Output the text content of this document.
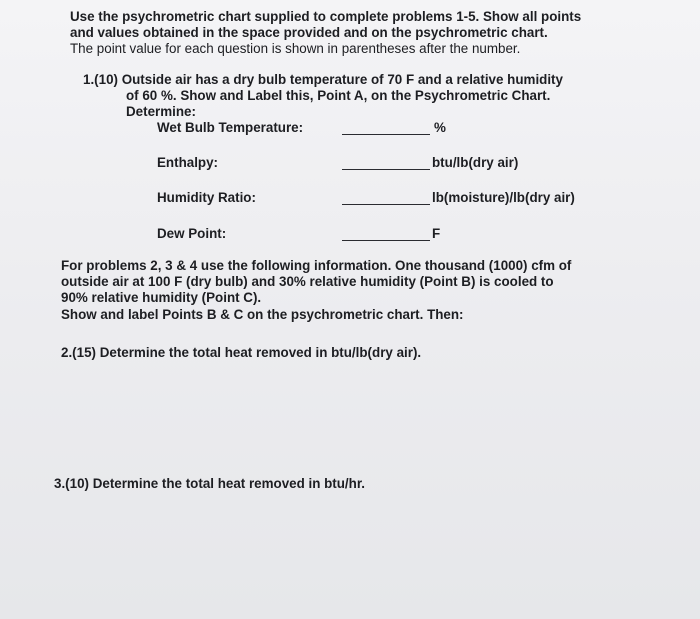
Use the psychrometric chart supplied to complete problems 1-5. Show all points
and values obtained in the space provided and on the psychrometric chart.
The point value for each question is shown in parentheses after the number.
1.(10) Outside air has a dry bulb temperature of 70 F and a relative humidity
of 60 %. Show and Label this, Point A, on the Psychrometric Chart.
Determine:
Wet Bulb Temperature:	%
Enthalpy:	btu/lb(dry air)
Humidity Ratio:	lb(moisture)/lb(dry air)
Dew Point:	F
For problems 2, 3 & 4 use the following information. One thousand (1000) cfm of
outside air at 100 F (dry bulb) and 30% relative humidity (Point B) is cooled to
90% relative humidity (Point C).
Show and label Points B & C on the psychrometric chart. Then:
2.(15) Determine the total heat removed in btu/lb(dry air).
3.(10) Determine the total heat removed in btu/hr.
